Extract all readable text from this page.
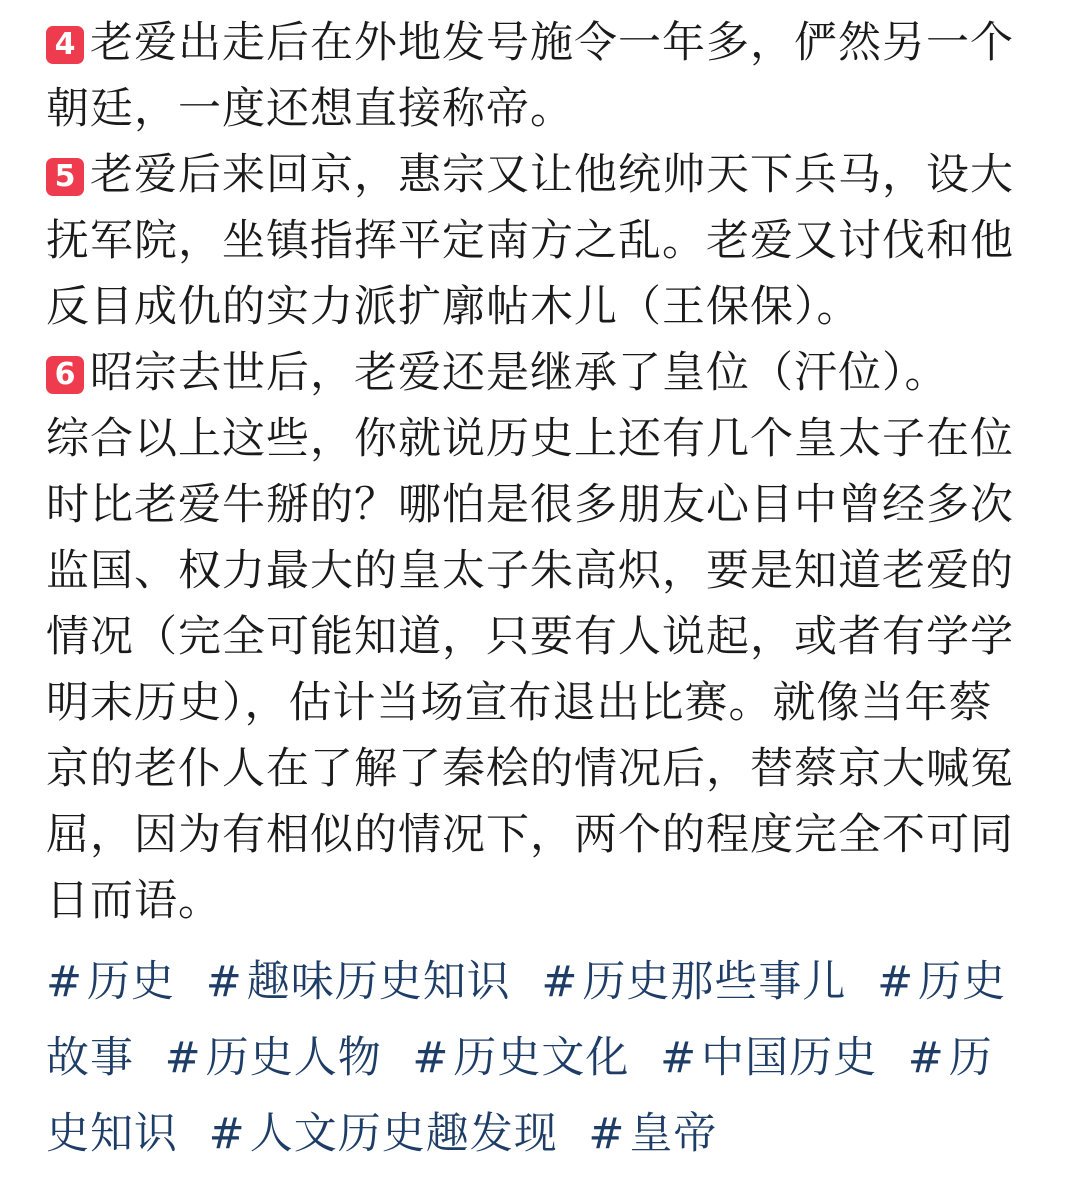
4 老爱出走后在外地发号施令一年多，俨然另一个朝廷，一度还想直接称帝。

5 老爱后来回京，惠宗又让他统帅天下兵马，设大抚军院，坐镇指挥平定南方之乱。老爱又讨伐和他反目成仇的实力派扩廓帖木儿（王保保）。

6 昭宗去世后，老爱还是继承了皇位（汗位）。

综合以上这些，你就说历史上还有几个皇太子在位时比老爱牛掰的？哪怕是很多朋友心目中曾经多次监国、权力最大的皇太子朱高炽，要是知道老爱的情况（完全可能知道，只要有人说起，或者有学学明末历史），估计当场宣布退出比赛。就像当年蔡京的老仆人在了解了秦桧的情况后，替蔡京大喊冤屈，因为有相似的情况下，两个的程度完全不可同日而语。

#历史 #趣味历史知识 #历史那些事儿 #历史故事 #历史人物 #历史文化 #中国历史 #历史知识 #人文历史趣发现 #皇帝
